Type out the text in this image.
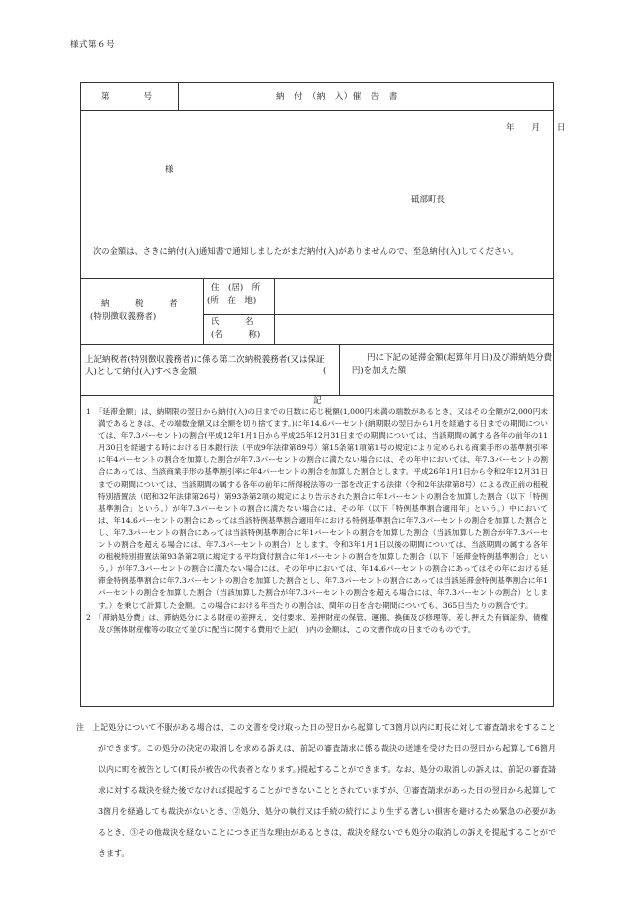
様式第６号
第　　　　号	納　付　（納　入）催　告　書
年　　月　　日
様
砥部町長
次の金額は、さきに納付(入)通知書で通知しましたがまだ納付(入)がありませんので、至急納付(入)してください。
納　　　税　　　者
(特別徴収義務者)
住　(居)　所
(所　在　地)
氏　　　名
(名　　　称)
上記納税者(特別徴収義務者)に係る第二次納税義務者(又は保証人)として納付(入)すべき金額
円に下記の延滞金額(起算年月日)及び滞納処分費
(　　　円)を加えた額
記

1　「延滞金額」は、納期限の翌日から納付(入)の日までの日数に応じ税額(1,000円未満の端数があるとき、又はその全額が2,000円未満であるときは、その端数金額又は全額を切り捨てます。)に年14.6パーセント(納期限の翌日から1月を経過する日までの期間については、年7.3パーセント)の割合(平成12年1月1日から平成25年12月31日までの期間については、当該期間の属する各年の前年の11月30日を経過する時における日本銀行法（平成9年法律第89号）第15条第1項第1号の規定により定められる商業手形の基準割引率に年4パーセントの割合を加算した割合が年7.3パーセントの割合に満たない場合には、その年中においては、年7.3パーセントの割合にあっては、当該商業手形の基準割引率に年4パーセントの割合を加算した割合とします。平成26年1月1日から令和2年12月31日までの期間については、当該期間の属する各年の前年に所得税法等の一部を改正する法律（令和2年法律第8号）による改正前の租税特別措置法（昭和32年法律第26号）第93条第2項の規定により告示された割合に年1パーセントの割合を加算した割合（以下「特例基準割合」という。）が年7.3パーセントの割合に満たない場合には、その年（以下「特例基準割合適用年」という。）中においては、年14.6パーセントの割合にあっては当該特例基準割合適用年における特例基準割合に年7.3パーセントの割合を加算した割合とし、年7.3パーセントの割合にあっては当該特例基準割合に年1パーセントの割合を加算した割合（当該加算した割合が年7.3パーセントの割合を超える場合には、年7.3パーセントの割合）とします。令和3年1月1日以後の期間については、当該期間の属する各年の租税特別措置法第93条第2項に規定する平均貸付割合に年1パーセントの割合を加算した割合（以下「延滞金特例基準割合」という。）が年7.3パーセントの割合に満たない場合には、その年中においては、年14.6パーセントの割合にあってはその年における延滞金特例基準割合に年7.3パーセントの割合を加算した割合とし、年7.3パーセントの割合にあっては当該延滞金特例基準割合に年1パーセントの割合を加算した割合（当該加算した割合が年7.3パーセントの割合を超える場合には、年7.3パーセントの割合）とします。）を乗じて計算した金額。この場合における年当たりの割合は、閏年の日を含む期間についても、365日当たりの割合です。

2　「滞納処分費」は、滞納処分による財産の差押え、交付要求、差押財産の保管、運搬、換価及び修理等、差し押えた有価証券、債権及び無体財産権等の取立て並びに配当に関する費用で上記(　)内の金額は、この文書作成の日までのものです。

注　上記処分について不服がある場合は、この文書を受け取った日の翌日から起算して3箇月以内に町長に対して審査請求をすることができます。この処分の決定の取消しを求める訴えは、前記の審査請求に係る裁決の送達を受けた日の翌日から起算して6箇月以内に町を被告として(町長が被告の代表者となります。)提起することができます。なお、処分の取消しの訴えは、前記の審査請求に対する裁決を経た後でなければ提起することができないこととされていますが、①審査請求があった日の翌日から起算して3箇月を経過しても裁決がないとき、②処分、処分の執行又は手続の続行により生ずる著しい損害を避けるため緊急の必要があるとき、③その他裁決を経ないことにつき正当な理由があるときは、裁決を経ないでも処分の取消しの訴えを提起することができます。
